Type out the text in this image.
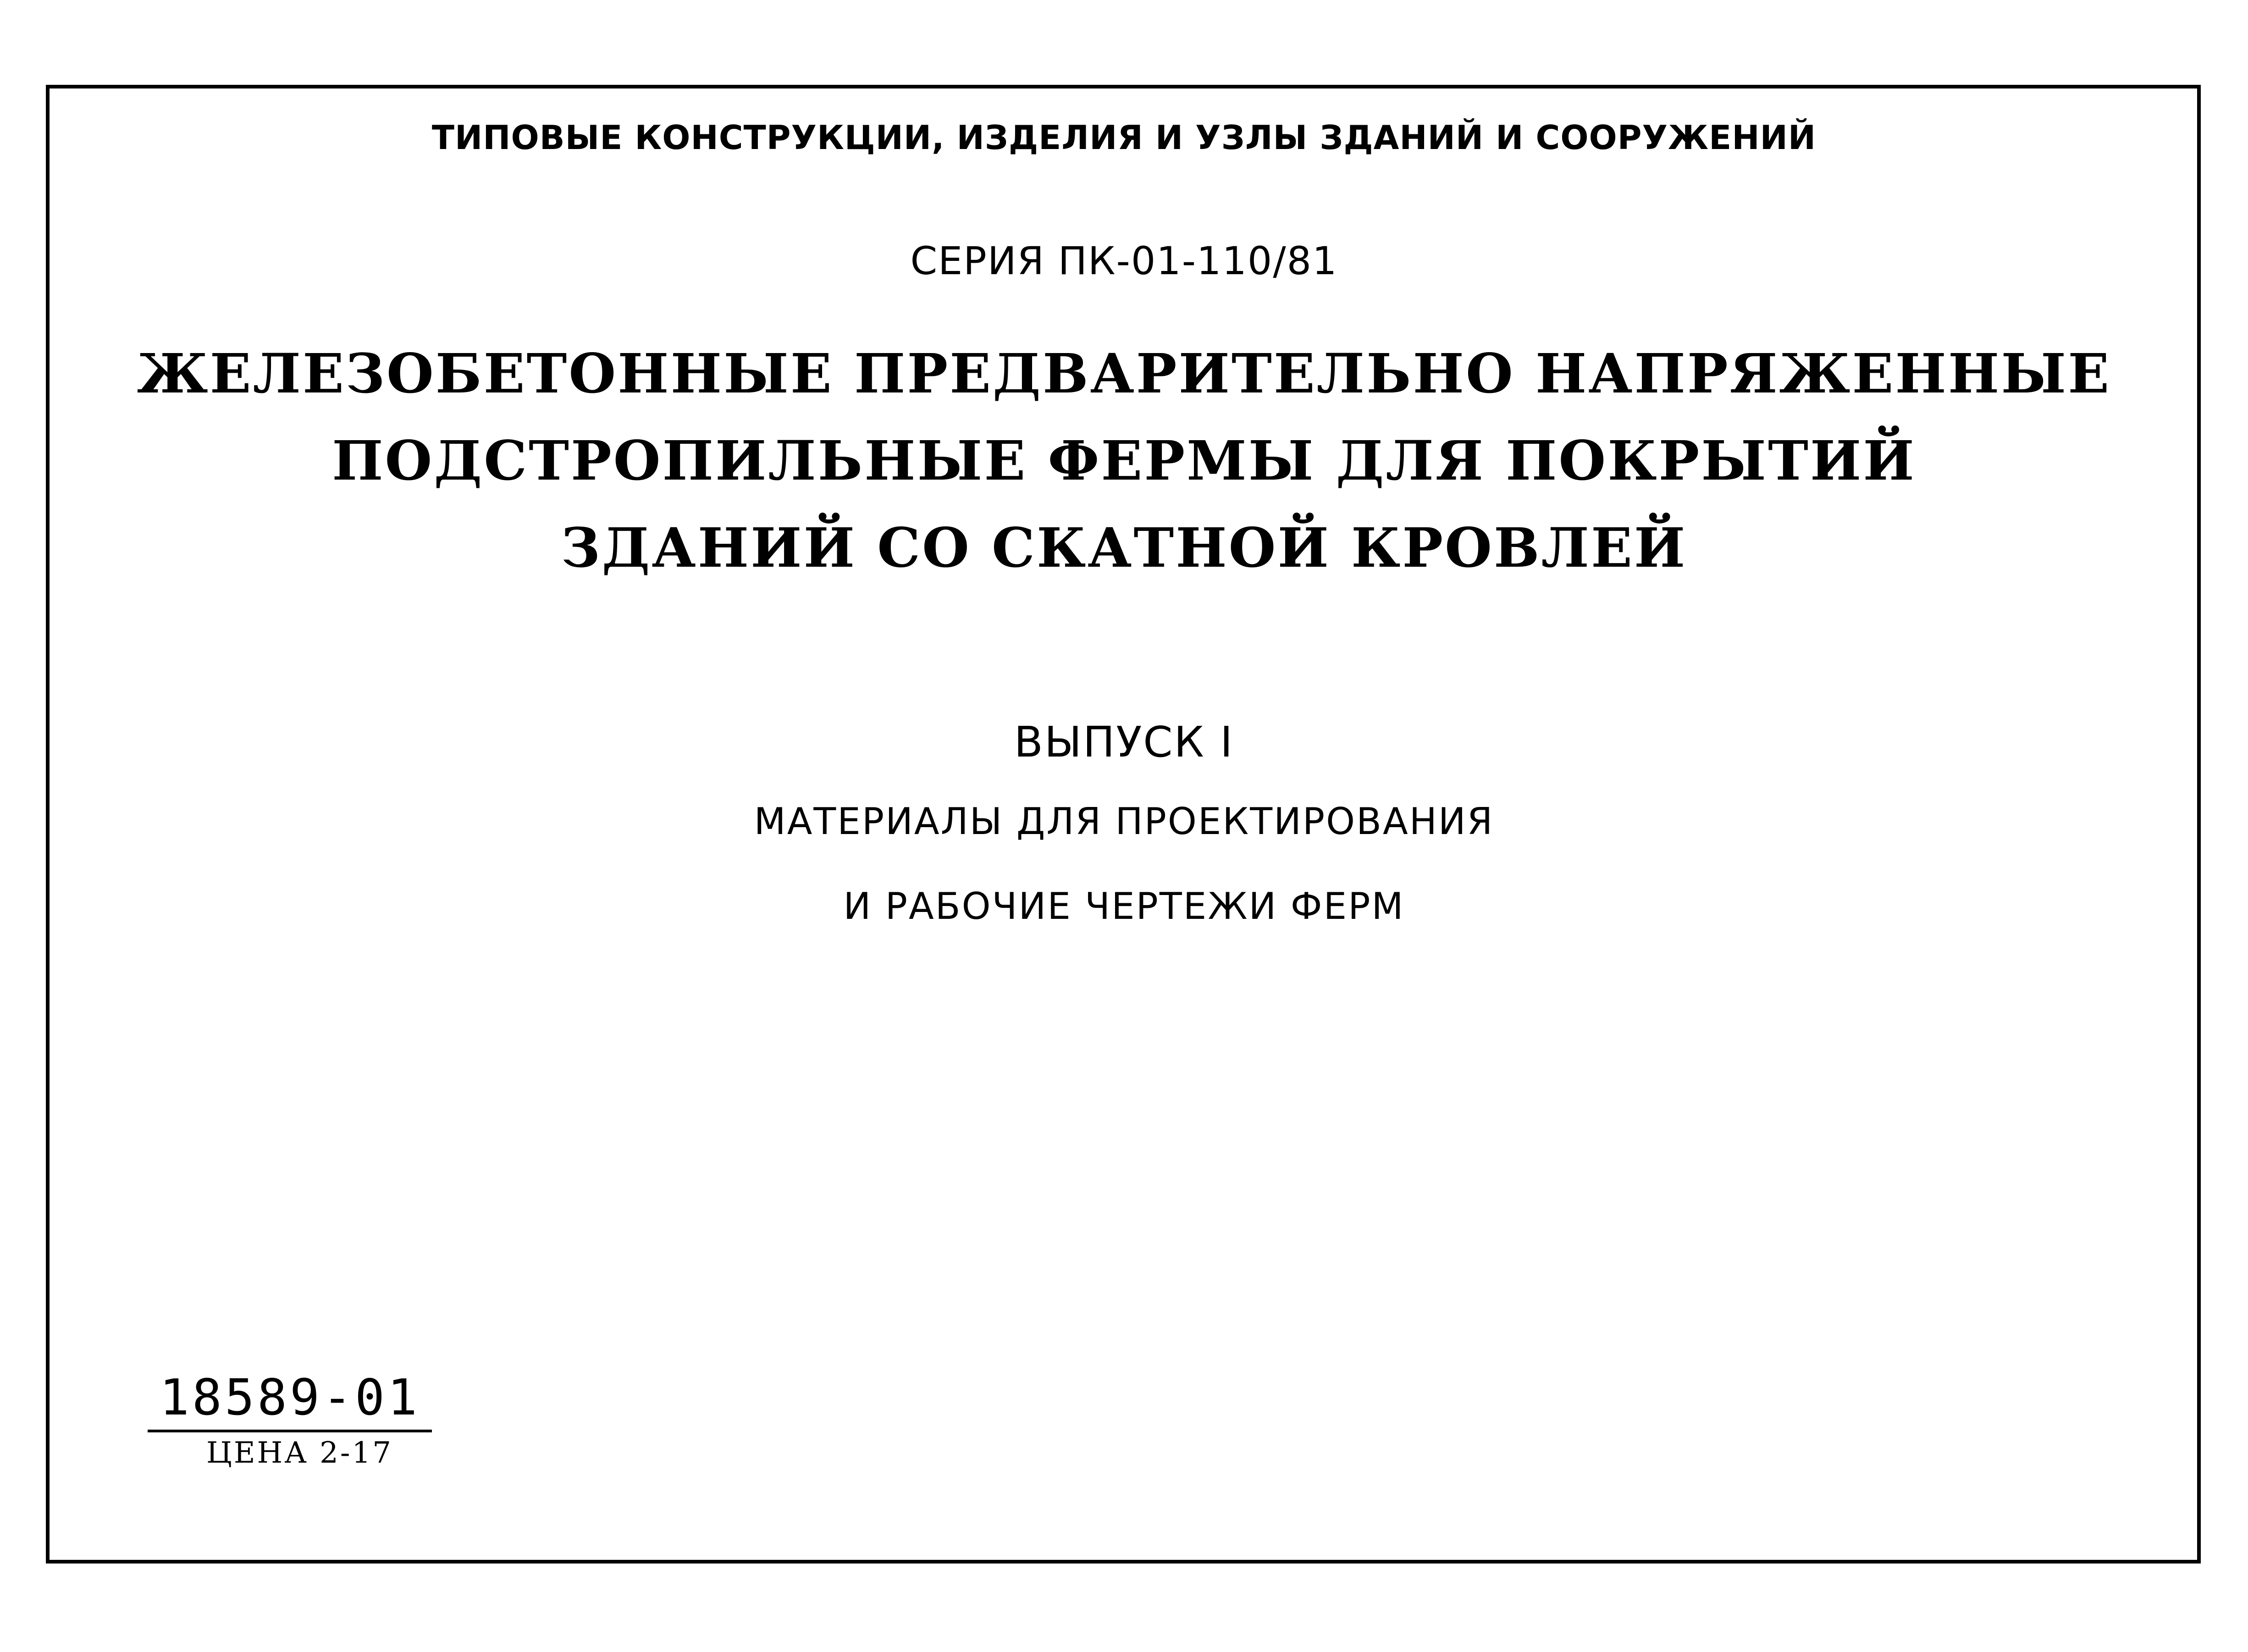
ТИПОВЫЕ КОНСТРУКЦИИ, ИЗДЕЛИЯ И УЗЛЫ ЗДАНИЙ И СООРУЖЕНИЙ
СЕРИЯ ПК-01-110/81
ЖЕЛЕЗОБЕТОННЫЕ ПРЕДВАРИТЕЛЬНО НАПРЯЖЕННЫЕ
ПОДСТРОПИЛЬНЫЕ ФЕРМЫ ДЛЯ ПОКРЫТИЙ
ЗДАНИЙ СО СКАТНОЙ КРОВЛЕЙ
ВЫПУСК I
МАТЕРИАЛЫ ДЛЯ ПРОЕКТИРОВАНИЯ
И РАБОЧИЕ ЧЕРТЕЖИ ФЕРМ
18589-01
ЦЕНА 2-17
